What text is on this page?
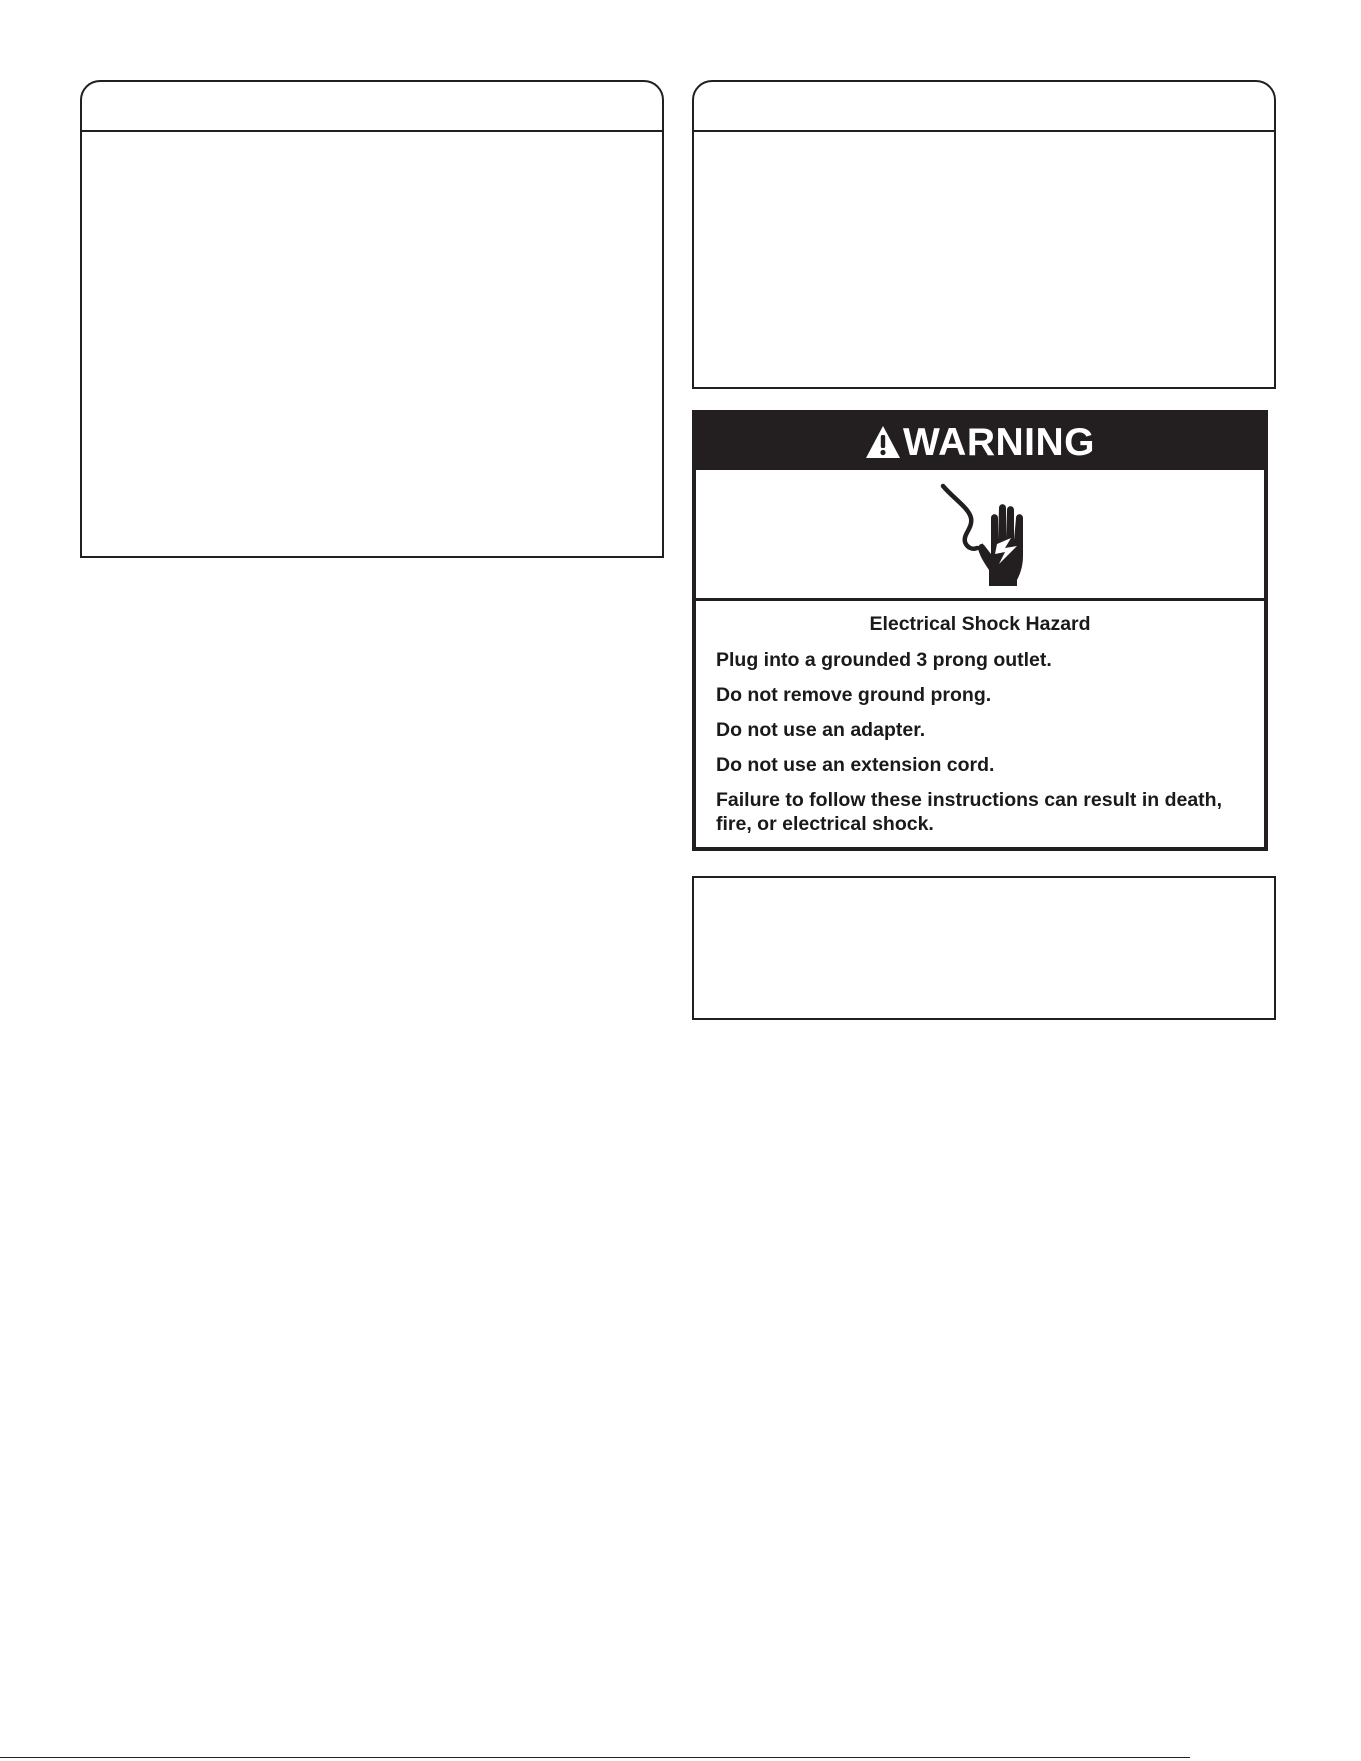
WARNING

Electrical Shock Hazard

Plug into a grounded 3 prong outlet.

Do not remove ground prong.

Do not use an adapter.

Do not use an extension cord.

Failure to follow these instructions can result in death, fire, or electrical shock.
